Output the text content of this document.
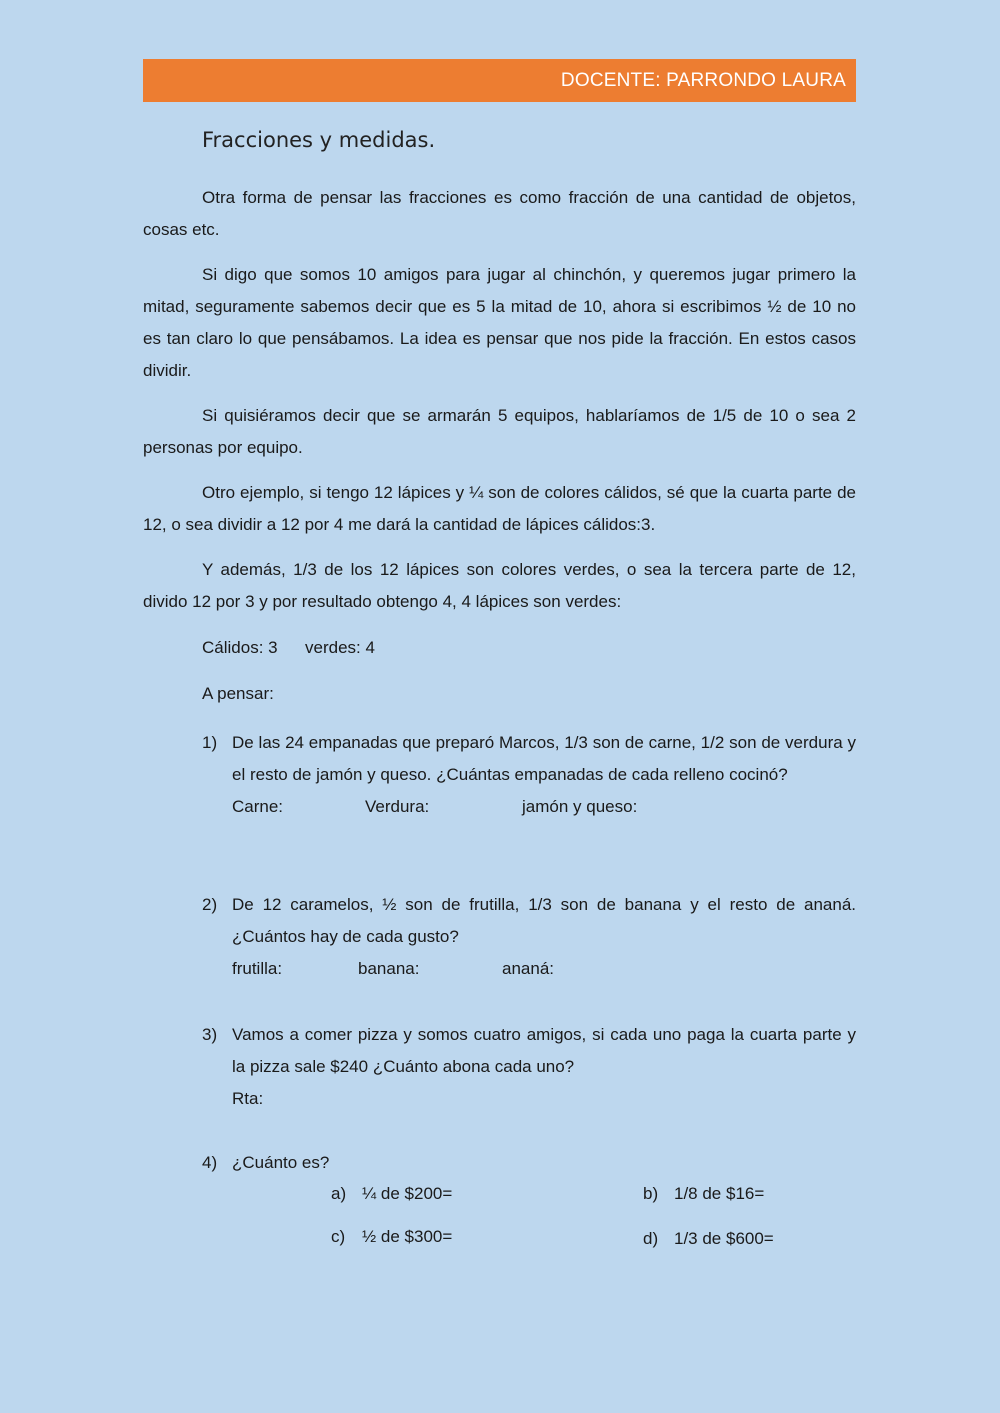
DOCENTE: PARRONDO LAURA
Fracciones y medidas.

Otra forma de pensar las fracciones es como fracción de una cantidad de objetos, cosas etc.

Si digo que somos 10 amigos para jugar al chinchón, y queremos jugar primero la mitad, seguramente sabemos decir que es 5 la mitad de 10, ahora si escribimos ½ de 10 no es tan claro lo que pensábamos. La idea es pensar que nos pide la fracción. En estos casos dividir.

Si quisiéramos decir que se armarán 5 equipos, hablaríamos de 1/5 de 10 o sea 2 personas por equipo.

Otro ejemplo, si tengo 12 lápices y ¼ son de colores cálidos, sé que la cuarta parte de 12, o sea dividir a 12 por 4 me dará la cantidad de lápices cálidos:3.

Y además, 1/3 de los 12 lápices son colores verdes, o sea la tercera parte de 12, divido 12 por 3 y por resultado obtengo 4, 4 lápices son verdes:

Cálidos: 3 verdes: 4
A pensar:
1) De las 24 empanadas que preparó Marcos, 1/3 son de carne, 1/2 son de verdura y el resto de jamón y queso. ¿Cuántas empanadas de cada relleno cocinó?
Carne:	Verdura:	jamón y queso:
2) De 12 caramelos, ½ son de frutilla, 1/3 son de banana y el resto de ananá. ¿Cuántos hay de cada gusto?
frutilla:	banana:	ananá:
3) Vamos a comer pizza y somos cuatro amigos, si cada uno paga la cuarta parte y la pizza sale $240 ¿Cuánto abona cada uno?
Rta:
4) ¿Cuánto es?
a) ¼ de $200=	b) 1/8 de $16=
c) ½ de $300=	d) 1/3 de $600=
